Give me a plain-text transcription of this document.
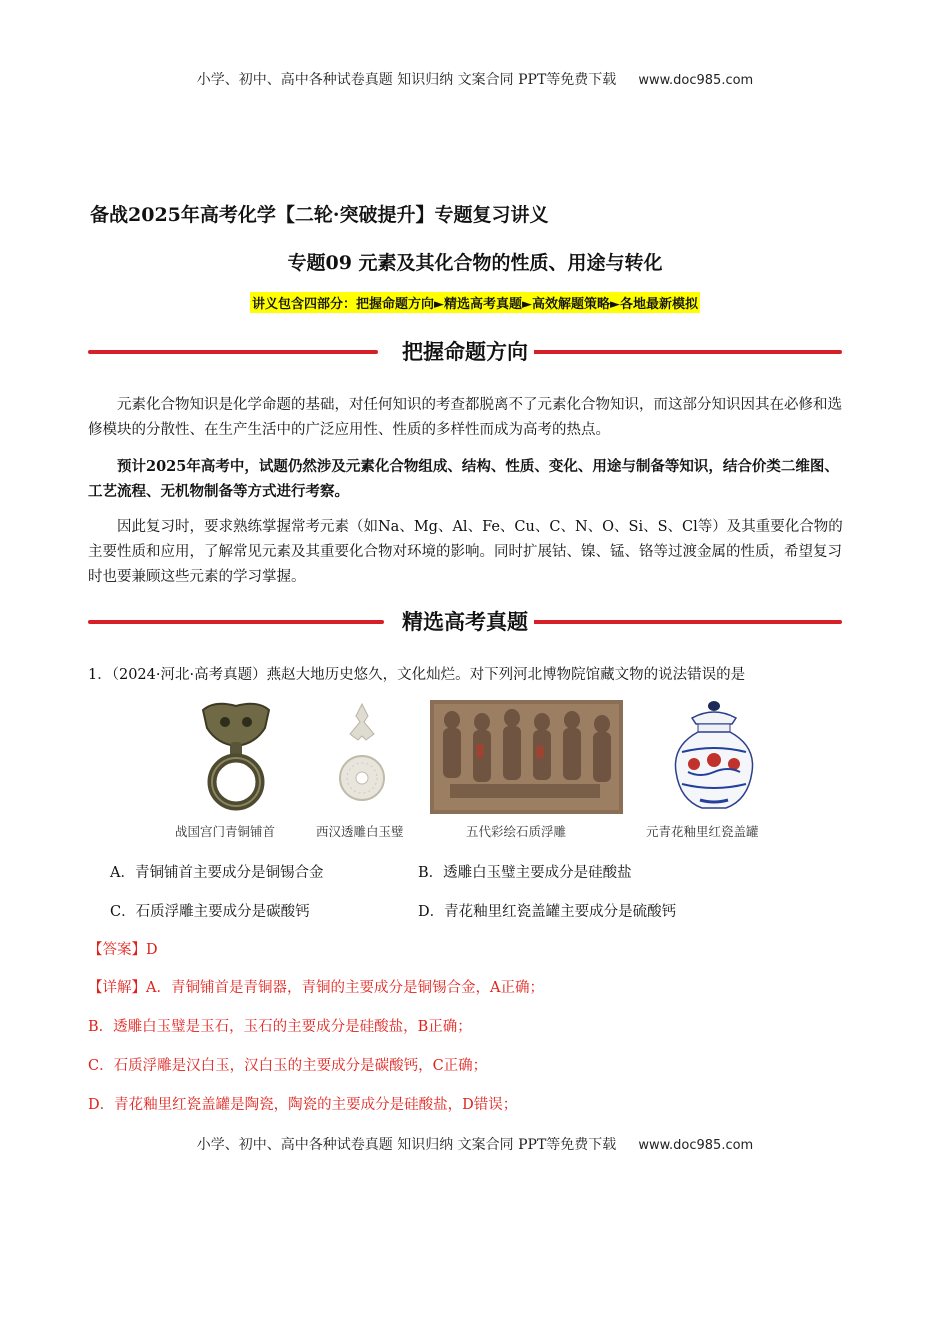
小学、初中、高中各种试卷真题 知识归纳 文案合同 PPT等免费下载 www.doc985.com
备战2025年高考化学【二轮·突破提升】专题复习讲义
专题09 元素及其化合物的性质、用途与转化
讲义包含四部分：把握命题方向►精选高考真题►高效解题策略►各地最新模拟
把握命题方向

元素化合物知识是化学命题的基础，对任何知识的考查都脱离不了元素化合物知识，而这部分知识因其在必修和选修模块的分散性、在生产生活中的广泛应用性、性质的多样性而成为高考的热点。

预计2025年高考中，试题仍然涉及元素化合物组成、结构、性质、变化、用途与制备等知识，结合价类二维图、工艺流程、无机物制备等方式进行考察。

因此复习时，要求熟练掌握常考元素（如Na、Mg、Al、Fe、Cu、C、N、O、Si、S、Cl等）及其重要化合物的主要性质和应用，了解常见元素及其重要化合物对环境的影响。同时扩展钴、镍、锰、铬等过渡金属的性质，希望复习时也要兼顾这些元素的学习掌握。

精选高考真题
1．（2024·河北·高考真题）燕赵大地历史悠久，文化灿烂。对下列河北博物院馆藏文物的说法错误的是
战国宫门青铜铺首	西汉透雕白玉璧	五代彩绘石质浮雕	元青花釉里红瓷盖罐
A．青铜铺首主要成分是铜锡合金	B．透雕白玉璧主要成分是硅酸盐
C．石质浮雕主要成分是碳酸钙	D．青花釉里红瓷盖罐主要成分是硫酸钙
【答案】D
【详解】A．青铜铺首是青铜器，青铜的主要成分是铜锡合金，A正确；
B．透雕白玉璧是玉石，玉石的主要成分是硅酸盐，B正确；
C．石质浮雕是汉白玉，汉白玉的主要成分是碳酸钙，C正确；
D．青花釉里红瓷盖罐是陶瓷，陶瓷的主要成分是硅酸盐，D错误；
小学、初中、高中各种试卷真题 知识归纳 文案合同 PPT等免费下载 www.doc985.com
